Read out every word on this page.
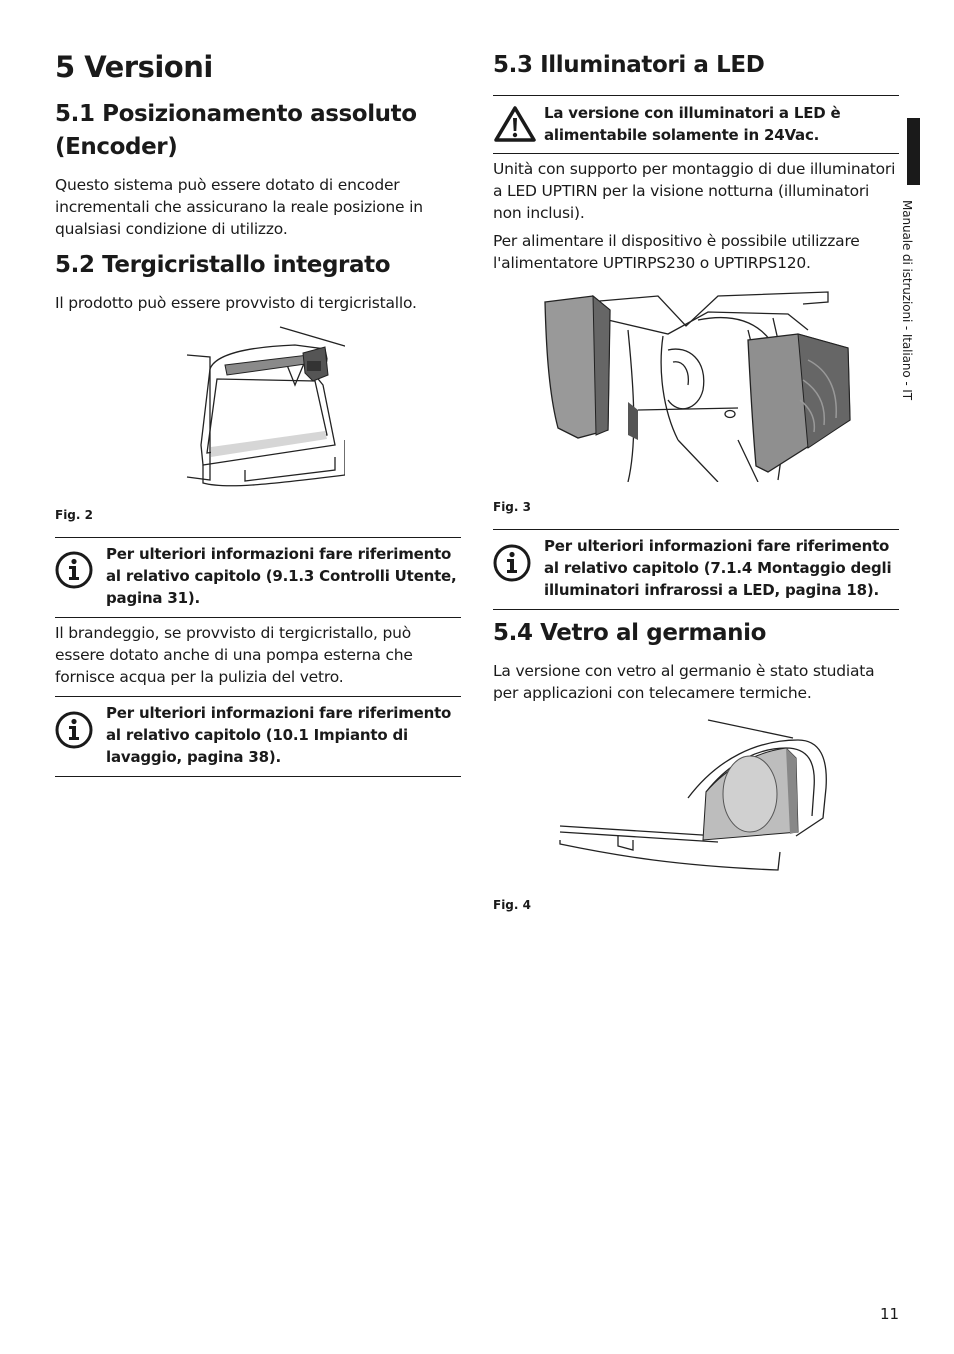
5 Versioni
5.1 Posizionamento assoluto
(Encoder)

Questo sistema può essere dotato di encoder incrementali che assicurano la reale posizione in qualsiasi condizione di utilizzo.

5.2 Tergicristallo integrato

Il prodotto può essere provvisto di tergicristallo.

Fig. 2
Per ulteriori informazioni fare riferimento al relativo capitolo (9.1.3 Controlli Utente, pagina 31).

Il brandeggio, se provvisto di tergicristallo, può essere dotato anche di una pompa esterna che fornisce acqua per la pulizia del vetro.

Per ulteriori informazioni fare riferimento al relativo capitolo (10.1 Impianto di lavaggio, pagina 38).
5.3 Illuminatori a LED
La versione con illuminatori a LED è alimentabile solamente in 24Vac.

Unità con supporto per montaggio di due illuminatori a LED UPTIRN per la visione notturna (illuminatori non inclusi).

Per alimentare il dispositivo è possibile utilizzare l'alimentatore UPTIRPS230 o UPTIRPS120.

Fig. 3
Per ulteriori informazioni fare riferimento al relativo capitolo (7.1.4 Montaggio degli illuminatori infrarossi a LED, pagina 18).
5.4 Vetro al germanio

La versione con vetro al germanio è stato studiata per applicazioni con telecamere termiche.

Fig. 4
Manuale di istruzioni - Italiano - IT
11
